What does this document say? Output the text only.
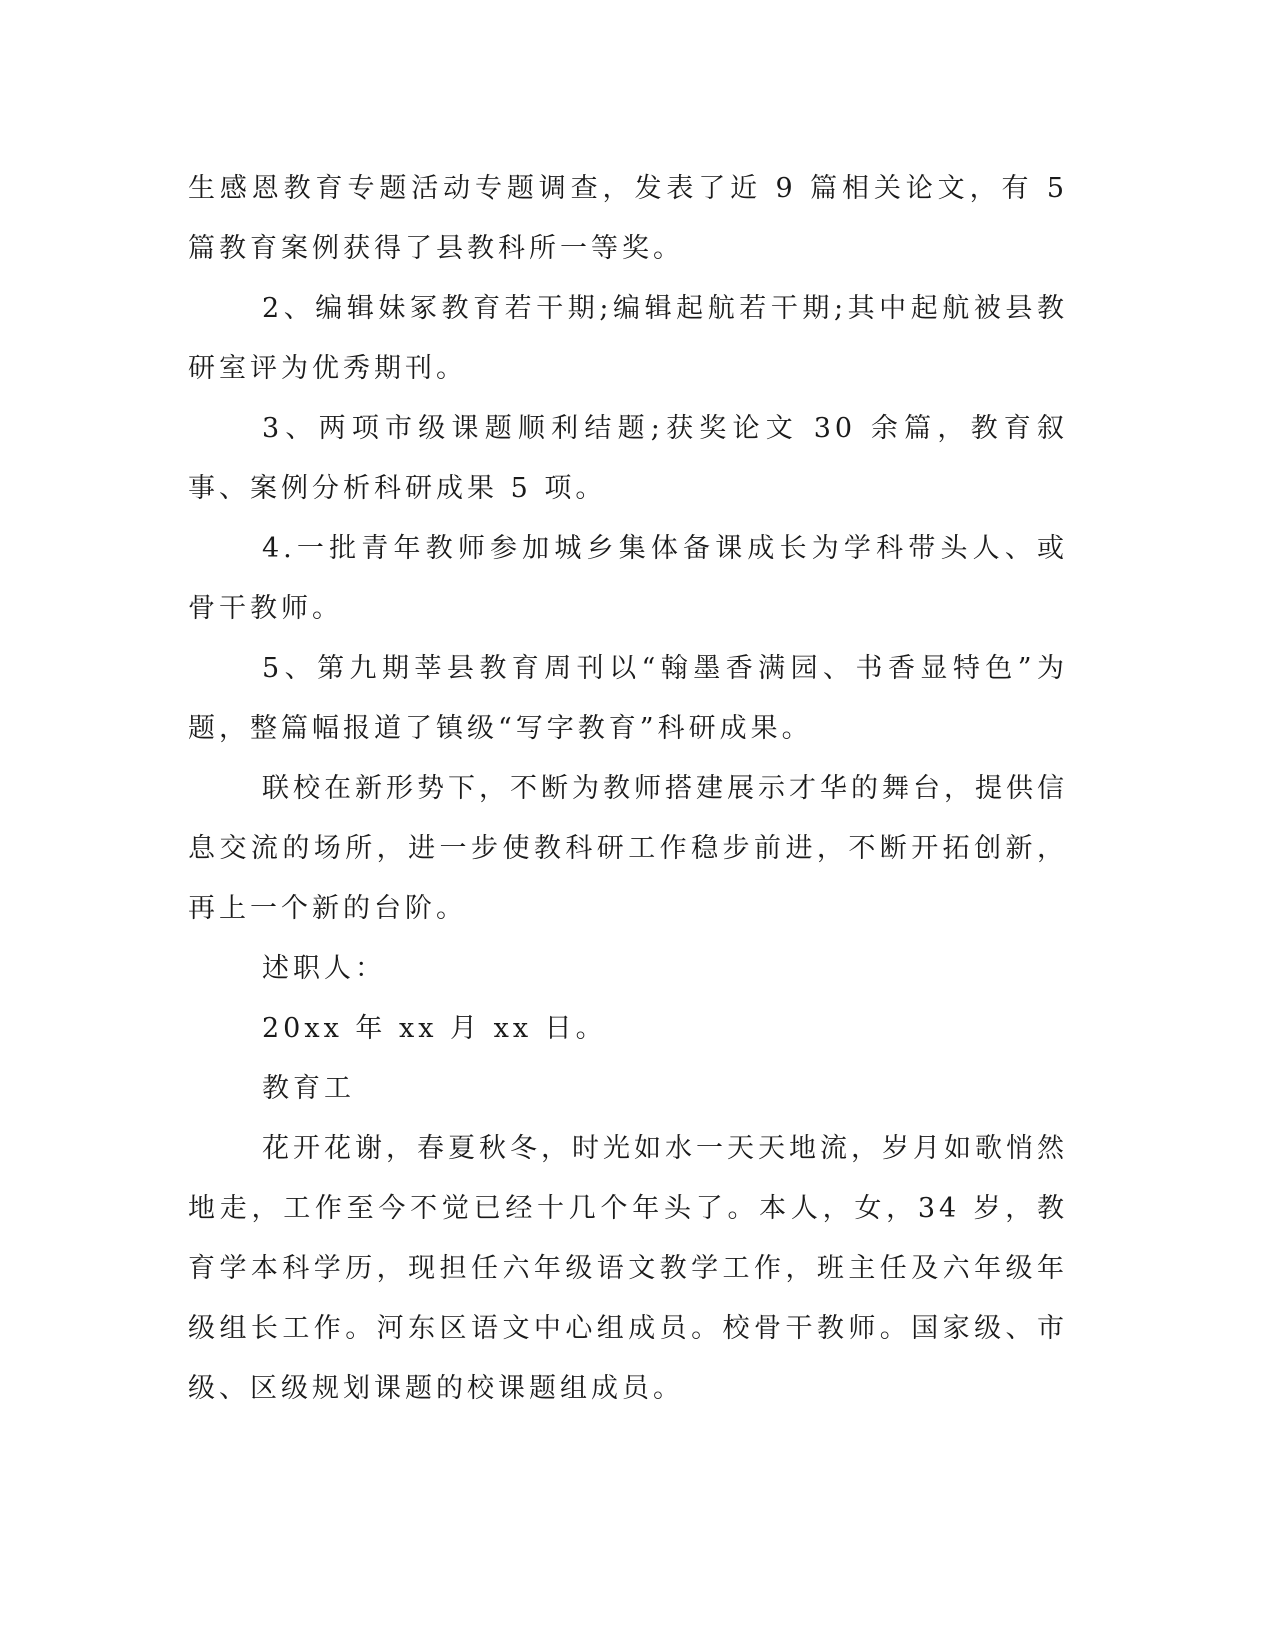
生感恩教育专题活动专题调查，发表了近 9 篇相关论文，有 5 篇教育案例获得了县教科所一等奖。

2、编辑妹冢教育若干期;编辑起航若干期;其中起航被县教研室评为优秀期刊。

3、两项市级课题顺利结题;获奖论文 30 余篇，教育叙事、案例分析科研成果 5 项。

4.一批青年教师参加城乡集体备课成长为学科带头人、或骨干教师。

5、第九期莘县教育周刊以“翰墨香满园、书香显特色”为题，整篇幅报道了镇级“写字教育”科研成果。

联校在新形势下，不断为教师搭建展示才华的舞台，提供信息交流的场所，进一步使教科研工作稳步前进，不断开拓创新，再上一个新的台阶。

述职人：

20xx 年 xx 月 xx 日。

教育工

花开花谢，春夏秋冬，时光如水一天天地流，岁月如歌悄然地走，工作至今不觉已经十几个年头了。本人，女，34 岁，教育学本科学历，现担任六年级语文教学工作，班主任及六年级年级组长工作。河东区语文中心组成员。校骨干教师。国家级、市级、区级规划课题的校课题组成员。
